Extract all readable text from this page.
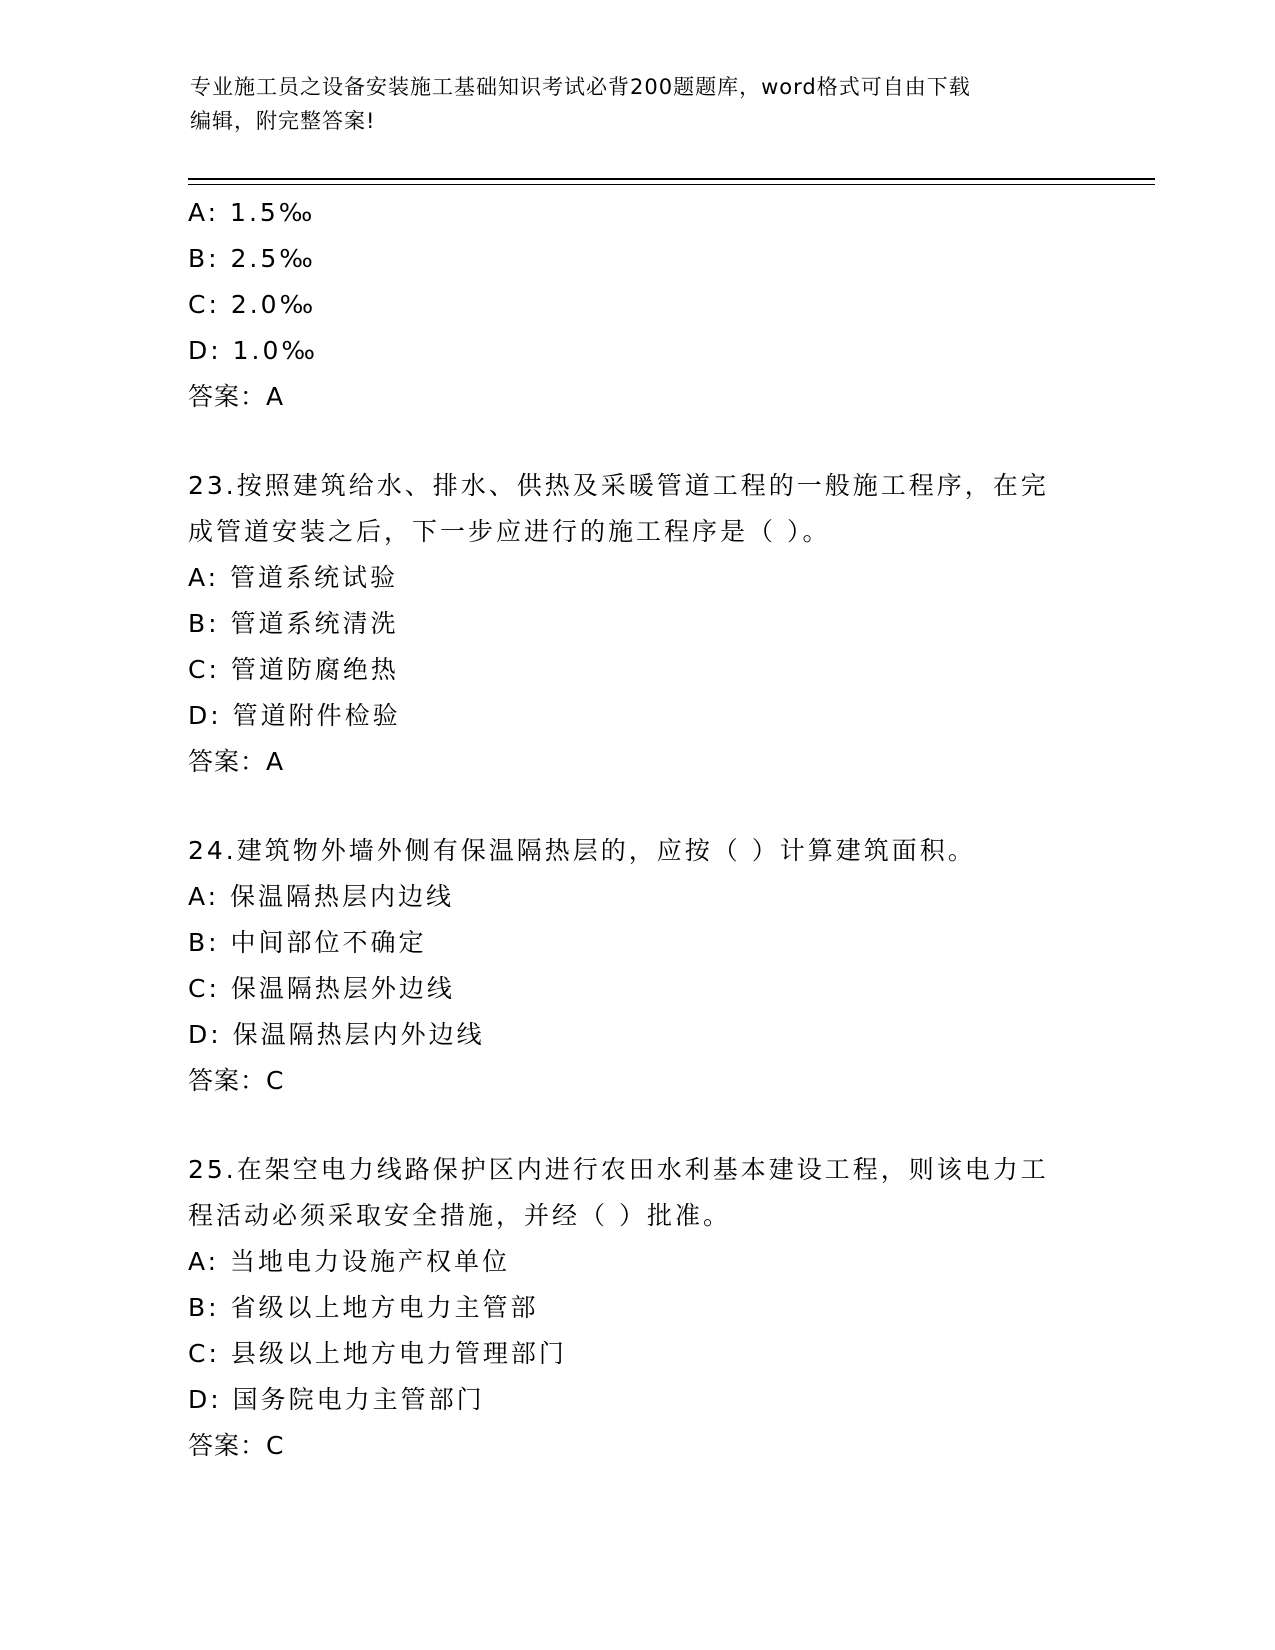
专业施工员之设备安装施工基础知识考试必背200题题库，word格式可自由下载
编辑，附完整答案!
A: 1.5‰
B: 2.5‰
C: 2.0‰
D: 1.0‰
答案：A
23.按照建筑给水、排水、供热及采暖管道工程的一般施工程序，在完
成管道安装之后，下一步应进行的施工程序是（ ）。
A: 管道系统试验
B: 管道系统清洗
C: 管道防腐绝热
D: 管道附件检验
答案：A
24.建筑物外墙外侧有保温隔热层的，应按（ ）计算建筑面积。
A: 保温隔热层内边线
B: 中间部位不确定
C: 保温隔热层外边线
D: 保温隔热层内外边线
答案：C
25.在架空电力线路保护区内进行农田水利基本建设工程，则该电力工
程活动必须采取安全措施，并经（ ）批准。
A: 当地电力设施产权单位
B: 省级以上地方电力主管部
C: 县级以上地方电力管理部门
D: 国务院电力主管部门
答案：C
